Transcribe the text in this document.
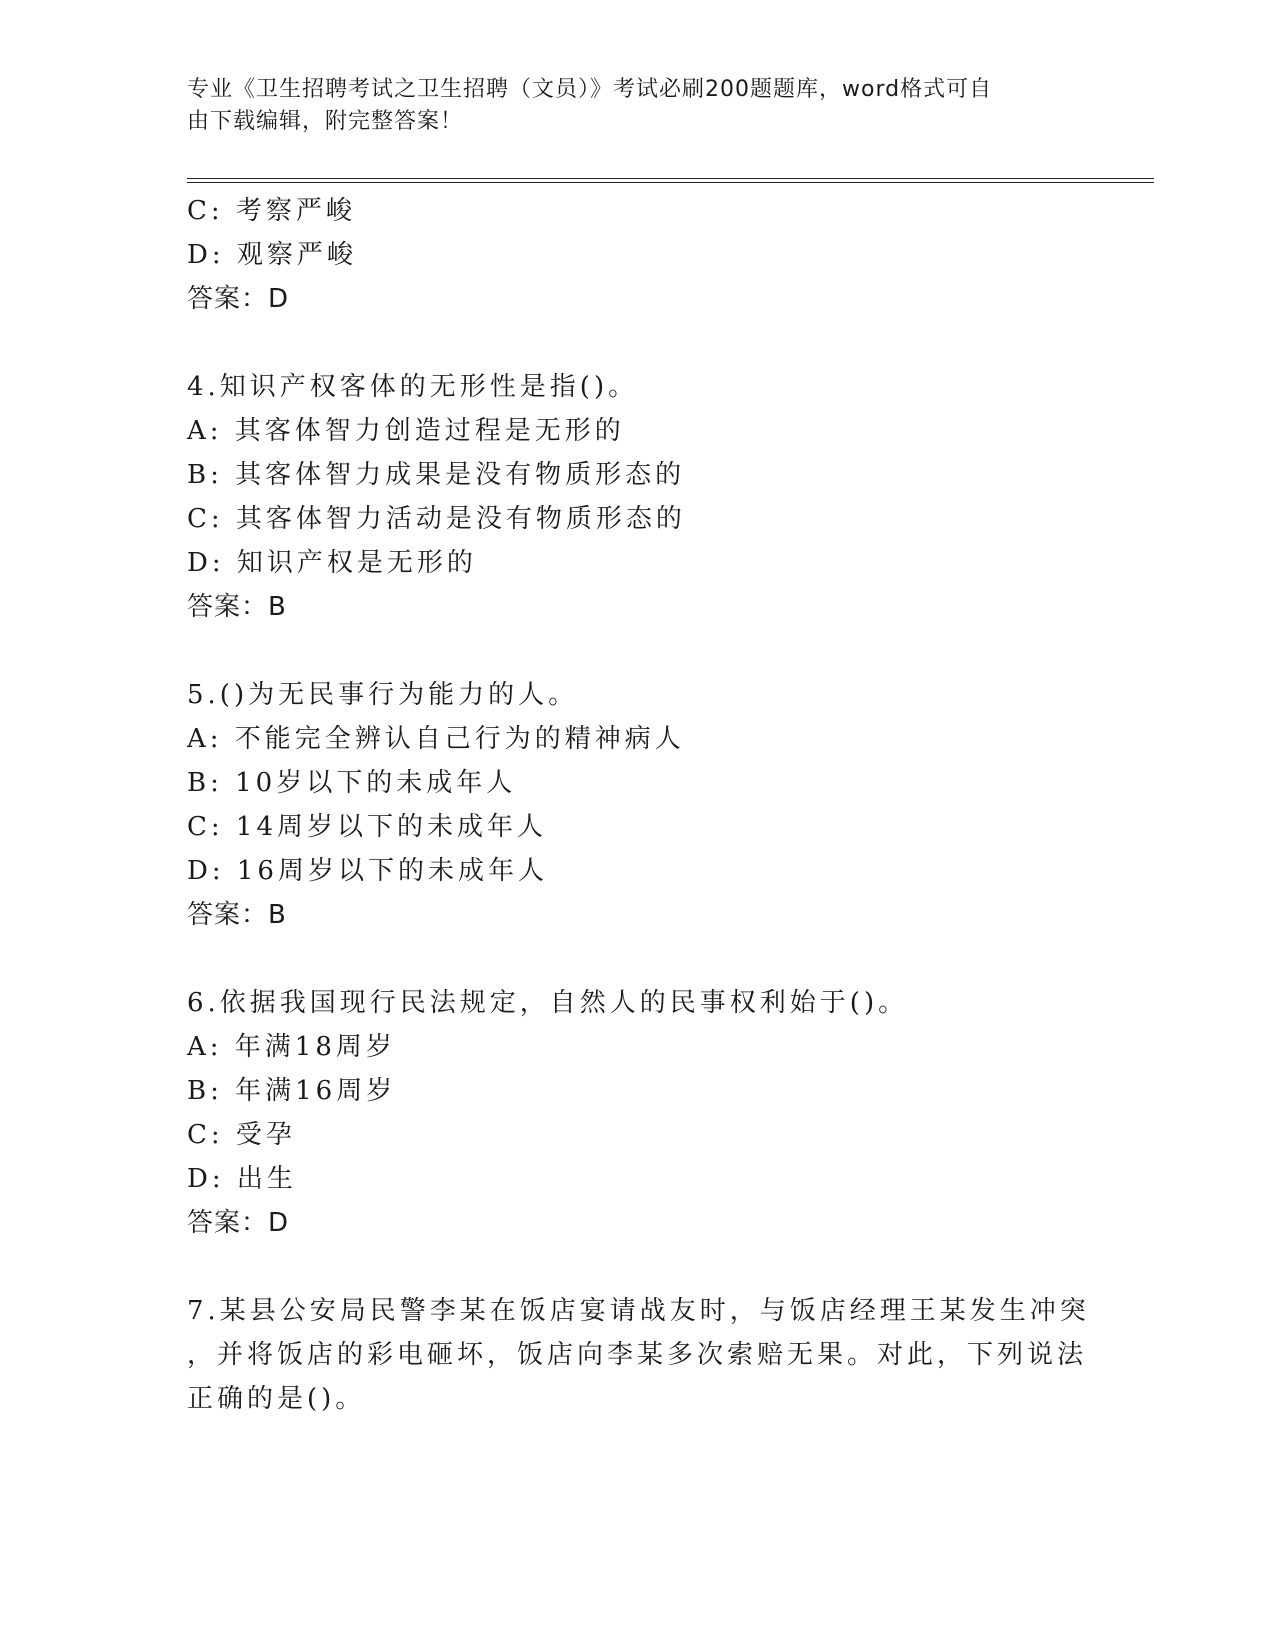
专业《卫生招聘考试之卫生招聘（文员）》考试必刷200题题库，word格式可自
由下载编辑，附完整答案！
C: 考察严峻
D: 观察严峻
答案：D
4.知识产权客体的无形性是指()。
A: 其客体智力创造过程是无形的
B: 其客体智力成果是没有物质形态的
C: 其客体智力活动是没有物质形态的
D: 知识产权是无形的
答案：B
5.()为无民事行为能力的人。
A: 不能完全辨认自己行为的精神病人
B: 10岁以下的未成年人
C: 14周岁以下的未成年人
D: 16周岁以下的未成年人
答案：B
6.依据我国现行民法规定，自然人的民事权利始于()。
A: 年满18周岁
B: 年满16周岁
C: 受孕
D: 出生
答案：D
7.某县公安局民警李某在饭店宴请战友时，与饭店经理王某发生冲突
，并将饭店的彩电砸坏，饭店向李某多次索赔无果。对此，下列说法
正确的是()。
